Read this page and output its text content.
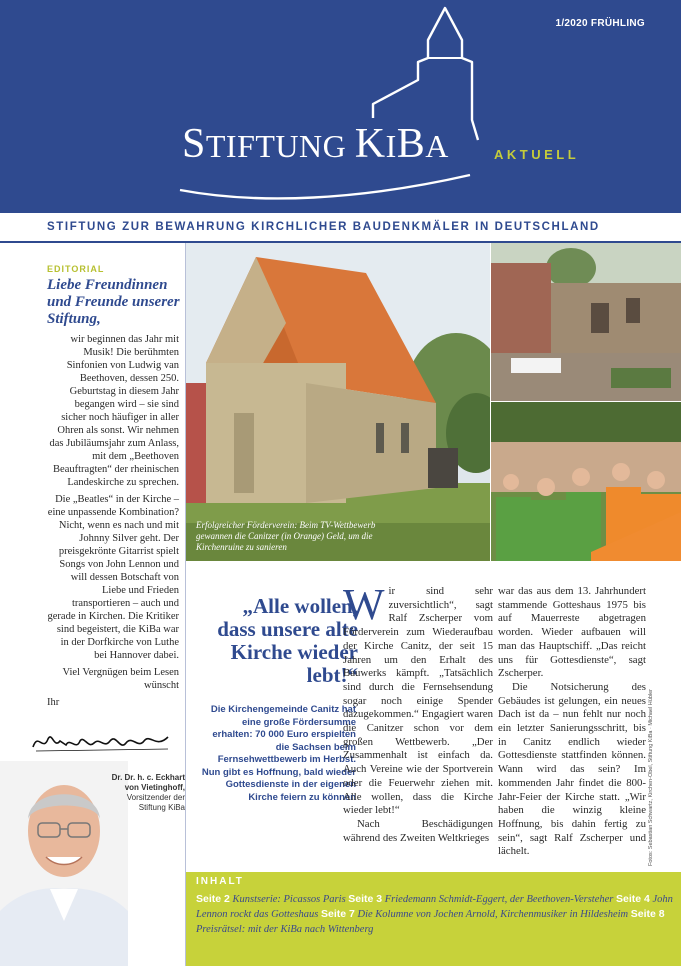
1/2020 FRÜHLING
STIFTUNG KIBA	AKTUELL
STIFTUNG ZUR BEWAHRUNG KIRCHLICHER BAUDENKMÄLER IN DEUTSCHLAND
EDITORIAL
Liebe Freundinnen und Freunde unserer Stiftung,

wir beginnen das Jahr mit Musik! Die berühmten Sinfonien von Ludwig van Beethoven, dessen 250. Geburtstag in diesem Jahr begangen wird – sie sind sicher noch häufiger in aller Ohren als sonst. Wir nehmen das Jubiläumsjahr zum Anlass, mit dem „Beethoven Beauftragten“ der rheinischen Landeskirche zu sprechen.

Die „Beatles“ in der Kirche – eine unpassende Kombination? Nicht, wenn es nach und mit Johnny Silver geht. Der preisgekrönte Gitarrist spielt Songs von John Lennon und will dessen Botschaft von Liebe und Frieden transportieren – auch und gerade in Kirchen. Die Kritiker sind begeistert, die KiBa war in der Dorfkirche von Luthe bei Hannover dabei.

Viel Vergnügen beim Lesen wünscht

Ihr

Dr. Dr. h. c. Eckhart von Vietinghoff,
Vorsitzender der Stiftung KiBa
Erfolgreicher Förderverein: Beim TV-Wettbewerb gewannen die Canitzer (in Orange) Geld, um die Kirchenruine zu sanieren
„Alle wollen, dass unsere alte Kirche wieder lebt!“
Die Kirchengemeinde Canitz hat eine große Fördersumme erhalten: 70 000 Euro erspielten die Sachsen beim Fernsehwettbewerb im Herbst. Nun gibt es Hoffnung, bald wieder Gottesdienste in der eigenen Kirche feiern zu können
W ir sind sehr zuversichtlich“, sagt Ralf Zscherper vom Förderverein zum Wiederaufbau der Kirche Canitz, der seit 15 Jahren um den Erhalt des Bauwerks kämpft. „Tatsächlich sind durch die Fernsehsendung sogar noch einige Spender dazugekommen.“ Engagiert waren die Canitzer schon vor dem großen Wettbewerb. „Der Zusammenhalt ist einfach da. Auch Vereine wie der Sportverein oder die Feuerwehr ziehen mit. Alle wollen, dass die Kirche wieder lebt!“

Nach Beschädigungen während des Zweiten Weltkrieges

war das aus dem 13. Jahrhundert stammende Gotteshaus 1975 bis auf Mauerreste abgetragen worden. Wieder aufbauen will man das Hauptschiff. „Das reicht uns für Gottesdienste“, sagt Zscherper.

Die Notsicherung des Gebäudes ist gelungen, ein neues Dach ist da – nun fehlt nur noch ein letzter Sanierungsschritt, bis in Canitz endlich wieder Gottesdienste stattfinden können. Wann wird das sein? Im kommenden Jahr findet die 800-Jahr-Feier der Kirche statt. „Wir haben die winzig kleine Hoffnung, bis dahin fertig zu sein“, sagt Ralf Zscherper und lächelt.	Fotos: Sebastian Schwartz, Kirchen-Obel, Stiftung KiBa · Michael Hübler
INHALT
Seite 2 Kunstserie: Picassos Paris Seite 3 Friedemann Schmidt-Eggert, der Beethoven-Versteher Seite 4 John Lennon rockt das Gotteshaus Seite 7 Die Kolumne von Jochen Arnold, Kirchenmusiker in Hildesheim Seite 8 Preisrätsel: mit der KiBa nach Wittenberg
